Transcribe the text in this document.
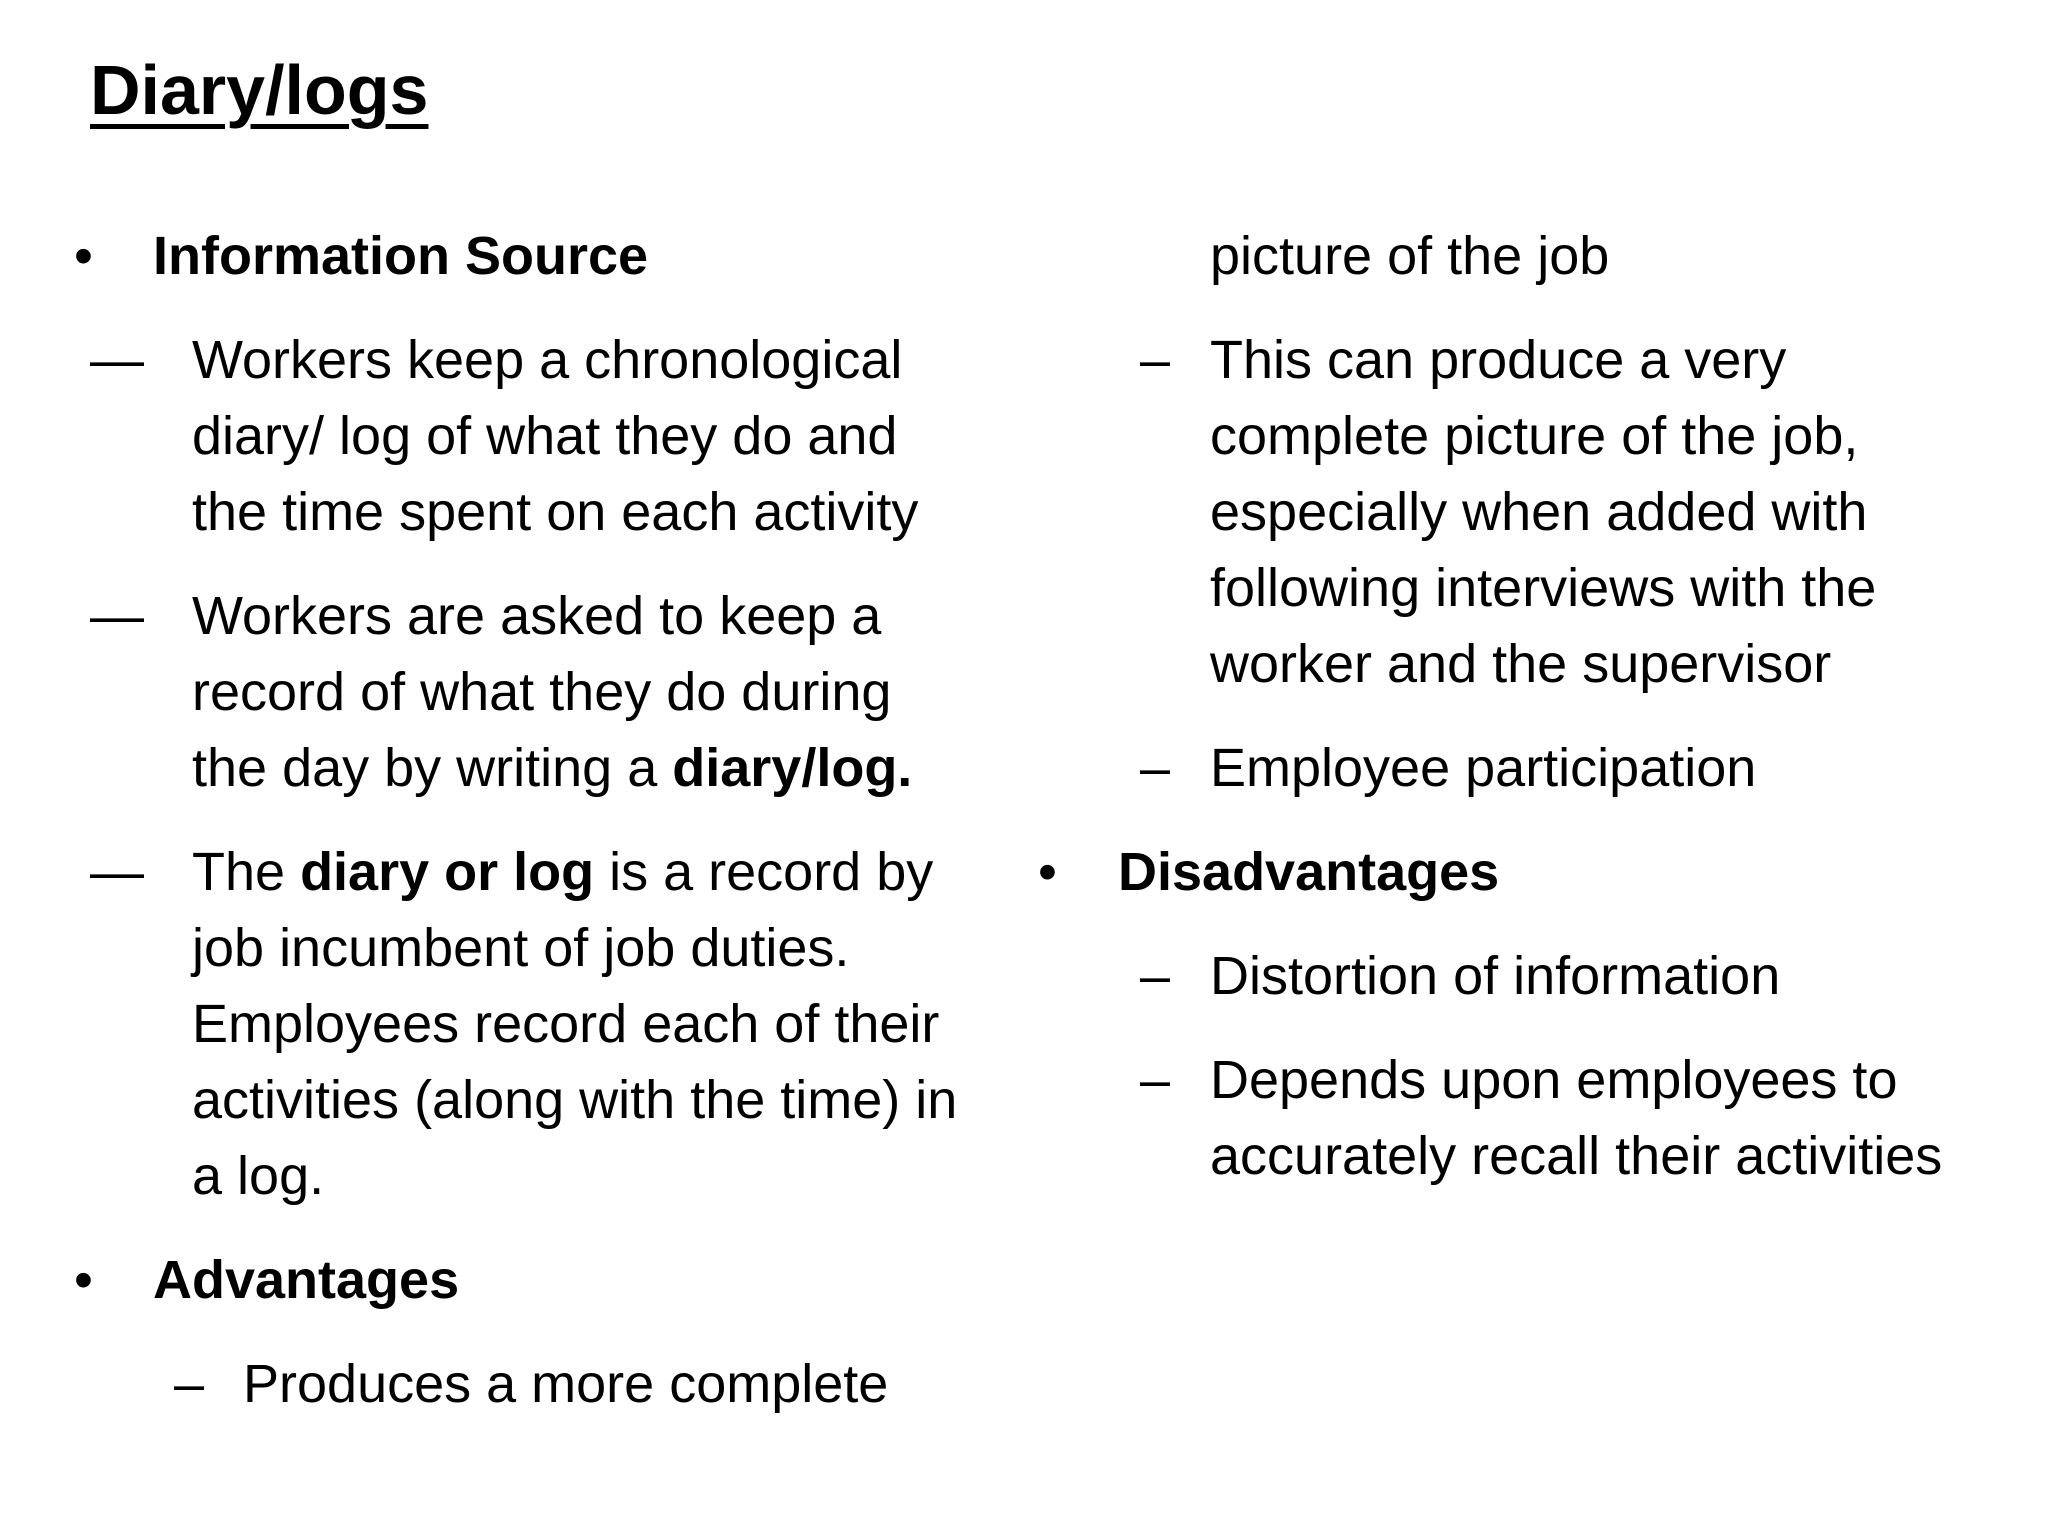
Diary/logs
• Information Source
— Workers keep a chronological
diary/ log of what they do and
the time spent on each activity
— Workers are asked to keep a
record of what they do during
the day by writing a diary/log.
— The diary or log is a record by
job incumbent of job duties.
Employees record each of their
activities (along with the time) in
a log.
• Advantages
– Produces a more complete
picture of the job
– This can produce a very
complete picture of the job,
especially when added with
following interviews with the
worker and the supervisor
– Employee participation
• Disadvantages
– Distortion of information
– Depends upon employees to
accurately recall their activities
